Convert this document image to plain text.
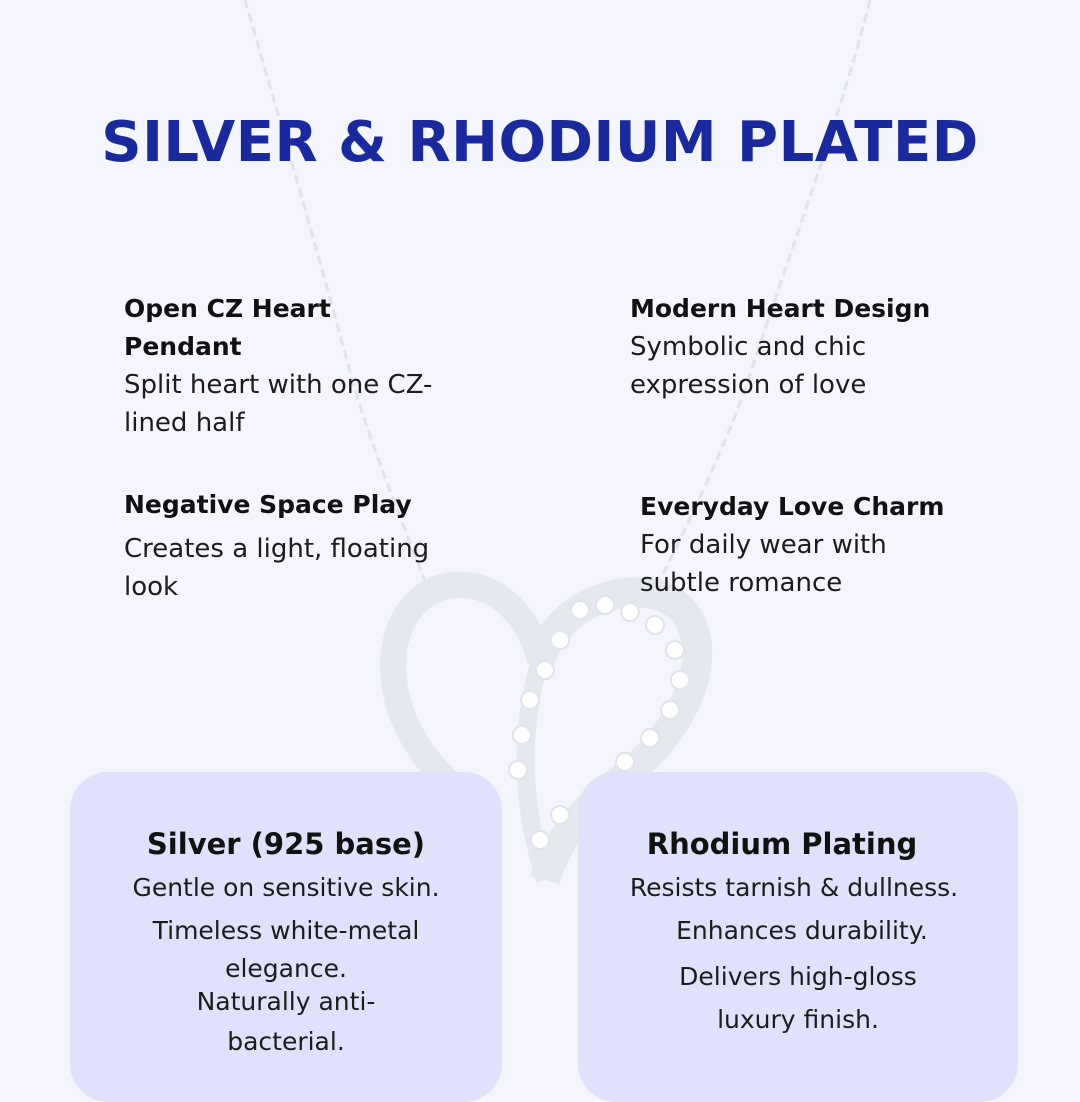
SILVER & RHODIUM PLATED
Open CZ Heart
Pendant
Split heart with one CZ-
lined half
Modern Heart Design
Symbolic and chic
expression of love
Negative Space Play
Creates a light, floating
look
Everyday Love Charm
For daily wear with
subtle romance
Silver (925 base)
Gentle on sensitive skin.
Timeless white-metal
elegance.
Naturally anti-
bacterial.
Rhodium Plating
Resists tarnish & dullness.
Enhances durability.
Delivers high-gloss
luxury finish.
